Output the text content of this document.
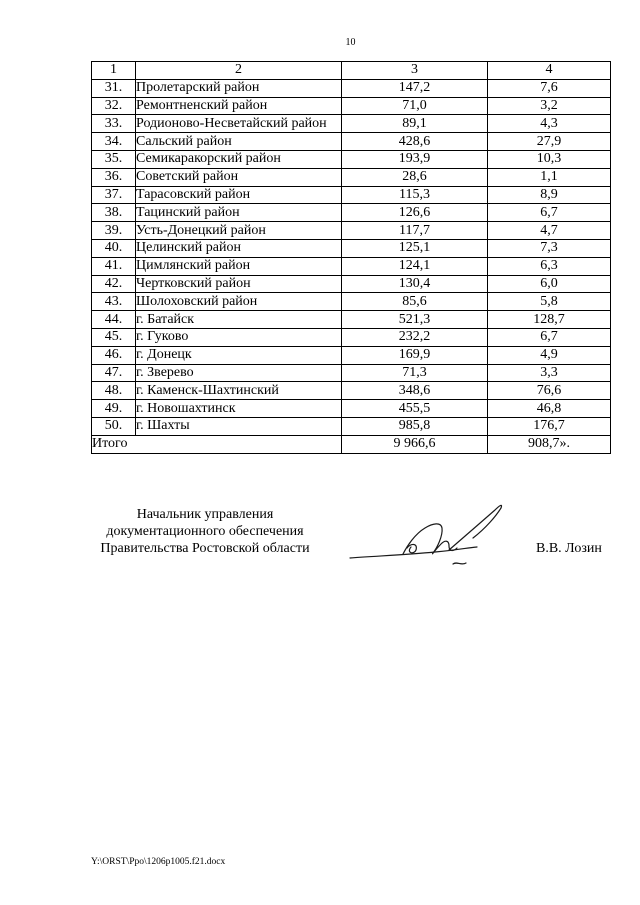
10
1	2	3	4
31.	Пролетарский район	147,2	7,6
32.	Ремонтненский район	71,0	3,2
33.	Родионово-Несветайский район	89,1	4,3
34.	Сальский район	428,6	27,9
35.	Семикаракорский район	193,9	10,3
36.	Советский район	28,6	1,1
37.	Тарасовский район	115,3	8,9
38.	Тацинский район	126,6	6,7
39.	Усть-Донецкий район	117,7	4,7
40.	Целинский район	125,1	7,3
41.	Цимлянский район	124,1	6,3
42.	Чертковский район	130,4	6,0
43.	Шолоховский район	85,6	5,8
44.	г. Батайск	521,3	128,7
45.	г. Гуково	232,2	6,7
46.	г. Донецк	169,9	4,9
47.	г. Зверево	71,3	3,3
48.	г. Каменск-Шахтинский	348,6	76,6
49.	г. Новошахтинск	455,5	46,8
50.	г. Шахты	985,8	176,7
Итого		9 966,6	908,7».
Начальник управления
документационного обеспечения
Правительства Ростовской области	В.В. Лозин
Y:\ORST\Ppo\1206p1005.f21.docx
